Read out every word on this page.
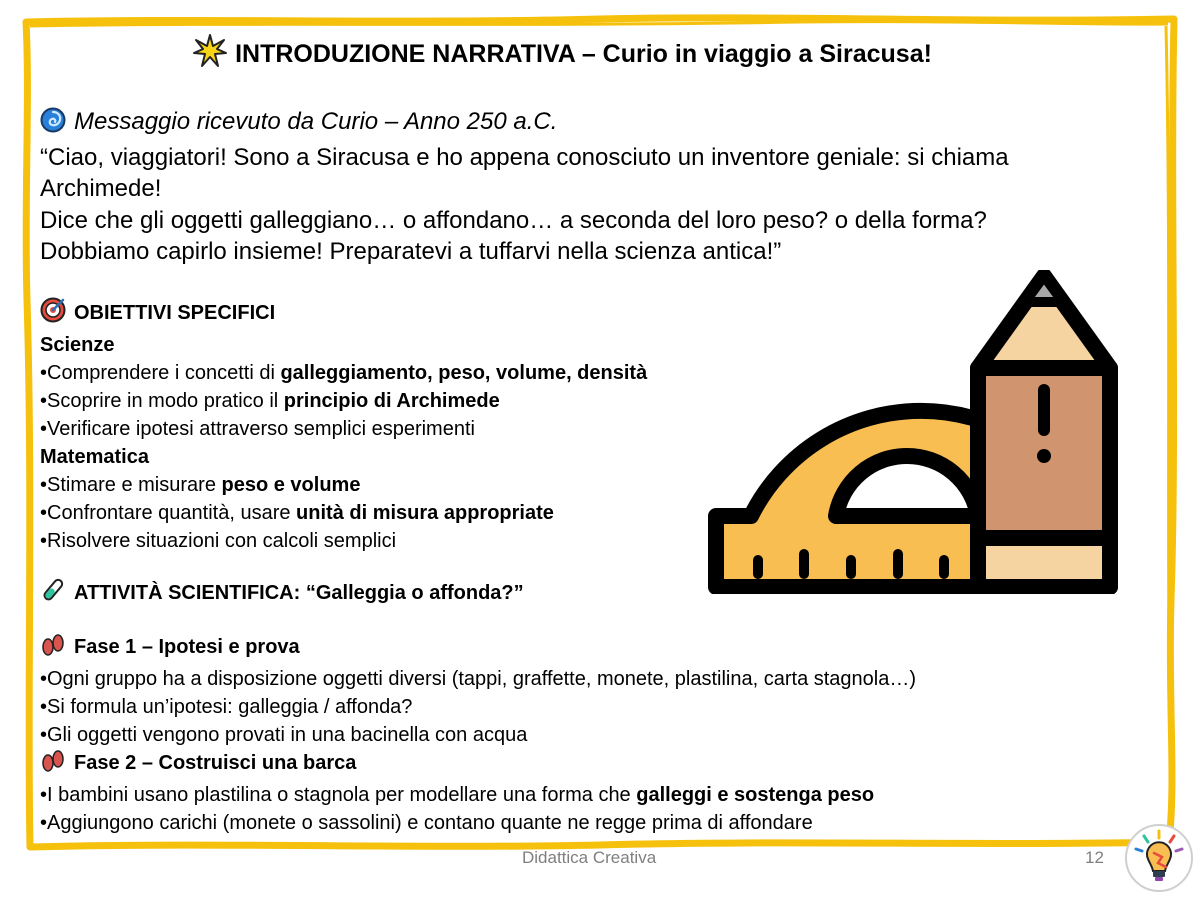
INTRODUZIONE NARRATIVA – Curio in viaggio a Siracusa!
Messaggio ricevuto da Curio – Anno 250 a.C.
“Ciao, viaggiatori! Sono a Siracusa e ho appena conosciuto un inventore geniale: si chiama
Archimede!
Dice che gli oggetti galleggiano… o affondano… a seconda del loro peso? o della forma?
Dobbiamo capirlo insieme! Preparatevi a tuffarvi nella scienza antica!”
OBIETTIVI SPECIFICI
Scienze
•Comprendere i concetti di galleggiamento, peso, volume, densità
•Scoprire in modo pratico il principio di Archimede
•Verificare ipotesi attraverso semplici esperimenti
Matematica
•Stimare e misurare peso e volume
•Confrontare quantità, usare unità di misura appropriate
•Risolvere situazioni con calcoli semplici
ATTIVITÀ SCIENTIFICA: “Galleggia o affonda?”
Fase 1 – Ipotesi e prova
•Ogni gruppo ha a disposizione oggetti diversi (tappi, graffette, monete, plastilina, carta stagnola…)
•Si formula un’ipotesi: galleggia / affonda?
•Gli oggetti vengono provati in una bacinella con acqua
Fase 2 – Costruisci una barca
•I bambini usano plastilina o stagnola per modellare una forma che galleggi e sostenga peso
•Aggiungono carichi (monete o sassolini) e contano quante ne regge prima di affondare
Didattica Creativa	12
